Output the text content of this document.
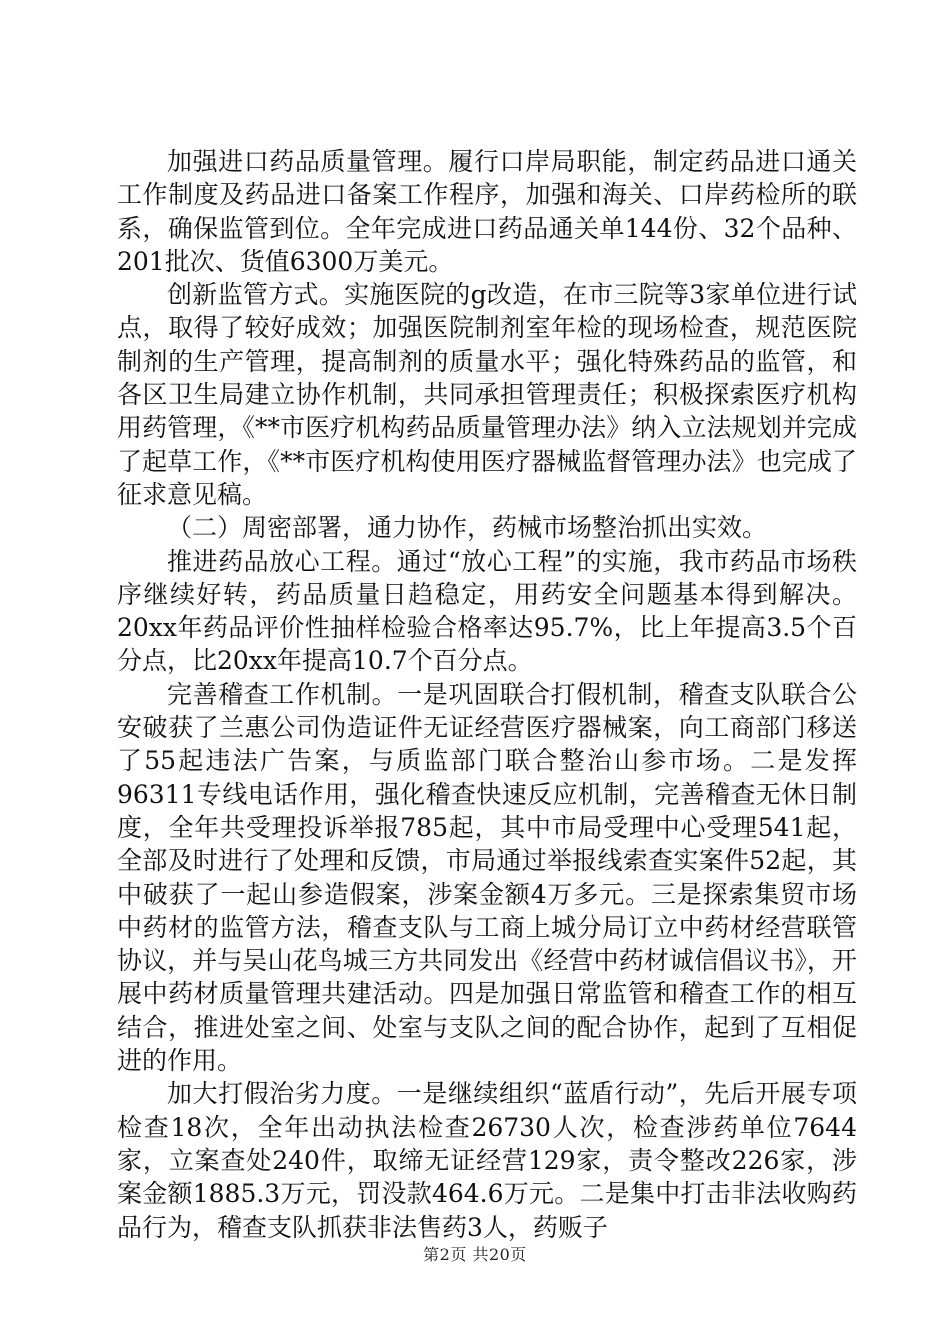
加强进口药品质量管理。履行口岸局职能，制定药品进口通关工作制度及药品进口备案工作程序，加强和海关、口岸药检所的联系，确保监管到位。全年完成进口药品通关单144份、32个品种、201批次、货值6300万美元。

创新监管方式。实施医院的g改造，在市三院等3家单位进行试点，取得了较好成效；加强医院制剂室年检的现场检查，规范医院制剂的生产管理，提高制剂的质量水平；强化特殊药品的监管，和各区卫生局建立协作机制，共同承担管理责任；积极探索医疗机构用药管理，《**市医疗机构药品质量管理办法》纳入立法规划并完成了起草工作，《**市医疗机构使用医疗器械监督管理办法》也完成了征求意见稿。

（二）周密部署，通力协作，药械市场整治抓出实效。

推进药品放心工程。通过“放心工程”的实施，我市药品市场秩序继续好转，药品质量日趋稳定，用药安全问题基本得到解决。20xx年药品评价性抽样检验合格率达95.7%，比上年提高3.5个百分点，比20xx年提高10.7个百分点。

完善稽查工作机制。一是巩固联合打假机制，稽查支队联合公安破获了兰惠公司伪造证件无证经营医疗器械案，向工商部门移送了55起违法广告案，与质监部门联合整治山参市场。二是发挥96311专线电话作用，强化稽查快速反应机制，完善稽查无休日制度，全年共受理投诉举报785起，其中市局受理中心受理541起，全部及时进行了处理和反馈，市局通过举报线索查实案件52起，其中破获了一起山参造假案，涉案金额4万多元。三是探索集贸市场中药材的监管方法，稽查支队与工商上城分局订立中药材经营联管协议，并与吴山花鸟城三方共同发出《经营中药材诚信倡议书》，开展中药材质量管理共建活动。四是加强日常监管和稽查工作的相互结合，推进处室之间、处室与支队之间的配合协作，起到了互相促进的作用。

加大打假治劣力度。一是继续组织“蓝盾行动”，先后开展专项检查18次，全年出动执法检查26730人次，检查涉药单位7644家，立案查处240件，取缔无证经营129家，责令整改226家，涉案金额1885.3万元，罚没款464.6万元。二是集中打击非法收购药品行为，稽查支队抓获非法售药3人，药贩子

第2页 共20页
